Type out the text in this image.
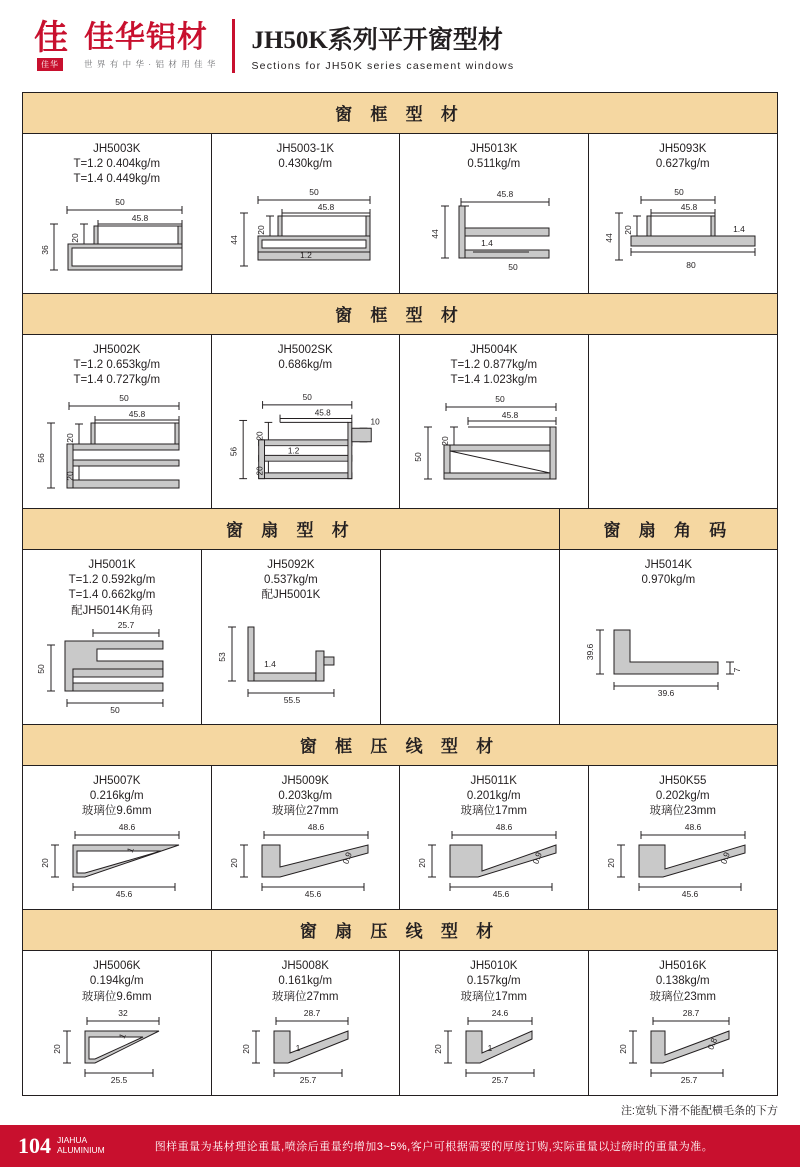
佳
佳华
佳华铝材
世 界 有 中 华 · 铝 材 用 佳 华
JH50K系列平开窗型材
Sections for JH50K series casement windows
窗 框 型 材
JH5003K
T=1.2 0.404kg/m
T=1.4 0.449kg/m
50
45.8
36
20
JH5003-1K
0.430kg/m
50
45.8
44
20
1.2
JH5013K
0.511kg/m
45.8
44
1.4
50
JH5093K
0.627kg/m
50
45.8
44
20	1.4
80
窗 框 型 材
JH5002K
T=1.2 0.653kg/m
T=1.4 0.727kg/m
50
45.8
56
20
20
JH5002SK
0.686kg/m
50
45.8
56
20
20
10
1.2
JH5004K
T=1.2 0.877kg/m
T=1.4 1.023kg/m
50
45.8
50
20
窗 扇 型 材	窗 扇 角 码
JH5001K
T=1.2 0.592kg/m
T=1.4 0.662kg/m
配JH5014K角码
25.7
50
50
JH5092K
0.537kg/m
配JH5001K
53
1.4
55.5
JH5014K
0.970kg/m
39.6
39.6
7
窗 框 压 线 型 材
JH5007K
0.216kg/m
玻璃位9.6mm
48.6
20
45.6
1
JH5009K
0.203kg/m
玻璃位27mm
48.6
20
45.6
0.9
JH5011K
0.201kg/m
玻璃位17mm
48.6
20
45.6
0.9
JH50K55
0.202kg/m
玻璃位23mm
48.6
20
45.6
0.9
窗 扇 压 线 型 材
JH5006K
0.194kg/m
玻璃位9.6mm
32
20
25.5
1
JH5008K
0.161kg/m
玻璃位27mm
28.7
20
25.7
1
JH5010K
0.157kg/m
玻璃位17mm
24.6
20
25.7
1
JH5016K
0.138kg/m
玻璃位23mm
28.7
20
25.7
0.8
注:宽轨下滑不能配横毛条的下方
104 JIAHUA
ALUMINIUM	图样重量为基材理论重量,喷涂后重量约增加3~5%,客户可根据需要的厚度订购,实际重量以过磅时的重量为准。
